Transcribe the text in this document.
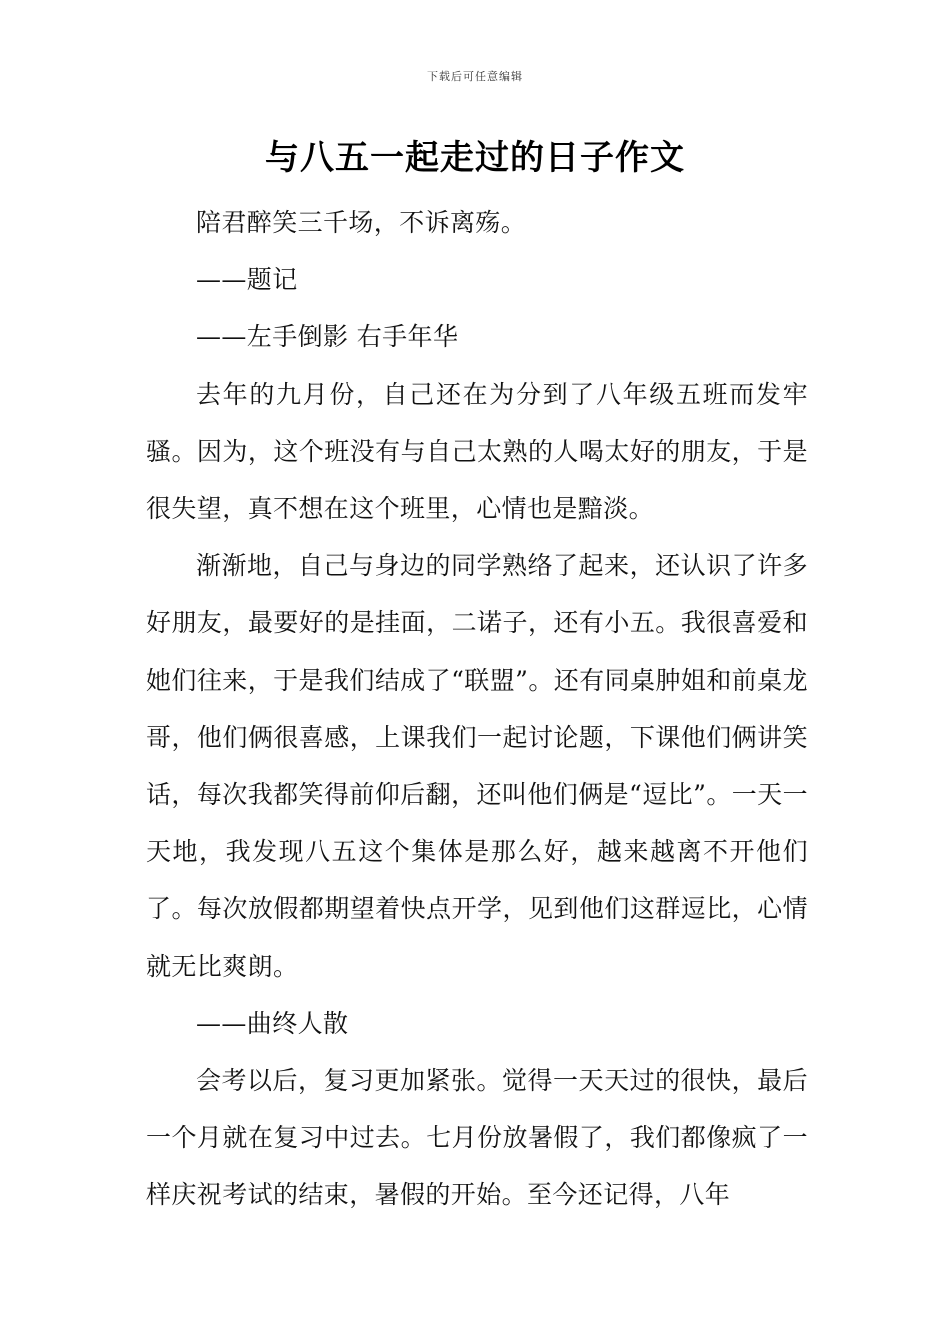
下载后可任意编辑
与八五一起走过的日子作文

陪君醉笑三千场，不诉离殇。

——题记

——左手倒影 右手年华

去年的九月份，自己还在为分到了八年级五班而发牢骚。因为，这个班没有与自己太熟的人喝太好的朋友，于是很失望，真不想在这个班里，心情也是黯淡。

渐渐地，自己与身边的同学熟络了起来，还认识了许多好朋友，最要好的是挂面，二诺子，还有小五。我很喜爱和她们往来，于是我们结成了“联盟”。还有同桌肿姐和前桌龙哥，他们俩很喜感，上课我们一起讨论题，下课他们俩讲笑话，每次我都笑得前仰后翻，还叫他们俩是“逗比”。一天一天地，我发现八五这个集体是那么好，越来越离不开他们了。每次放假都期望着快点开学，见到他们这群逗比，心情就无比爽朗。

——曲终人散

会考以后，复习更加紧张。觉得一天天过的很快，最后一个月就在复习中过去。七月份放暑假了，我们都像疯了一样庆祝考试的结束，暑假的开始。至今还记得，八年
